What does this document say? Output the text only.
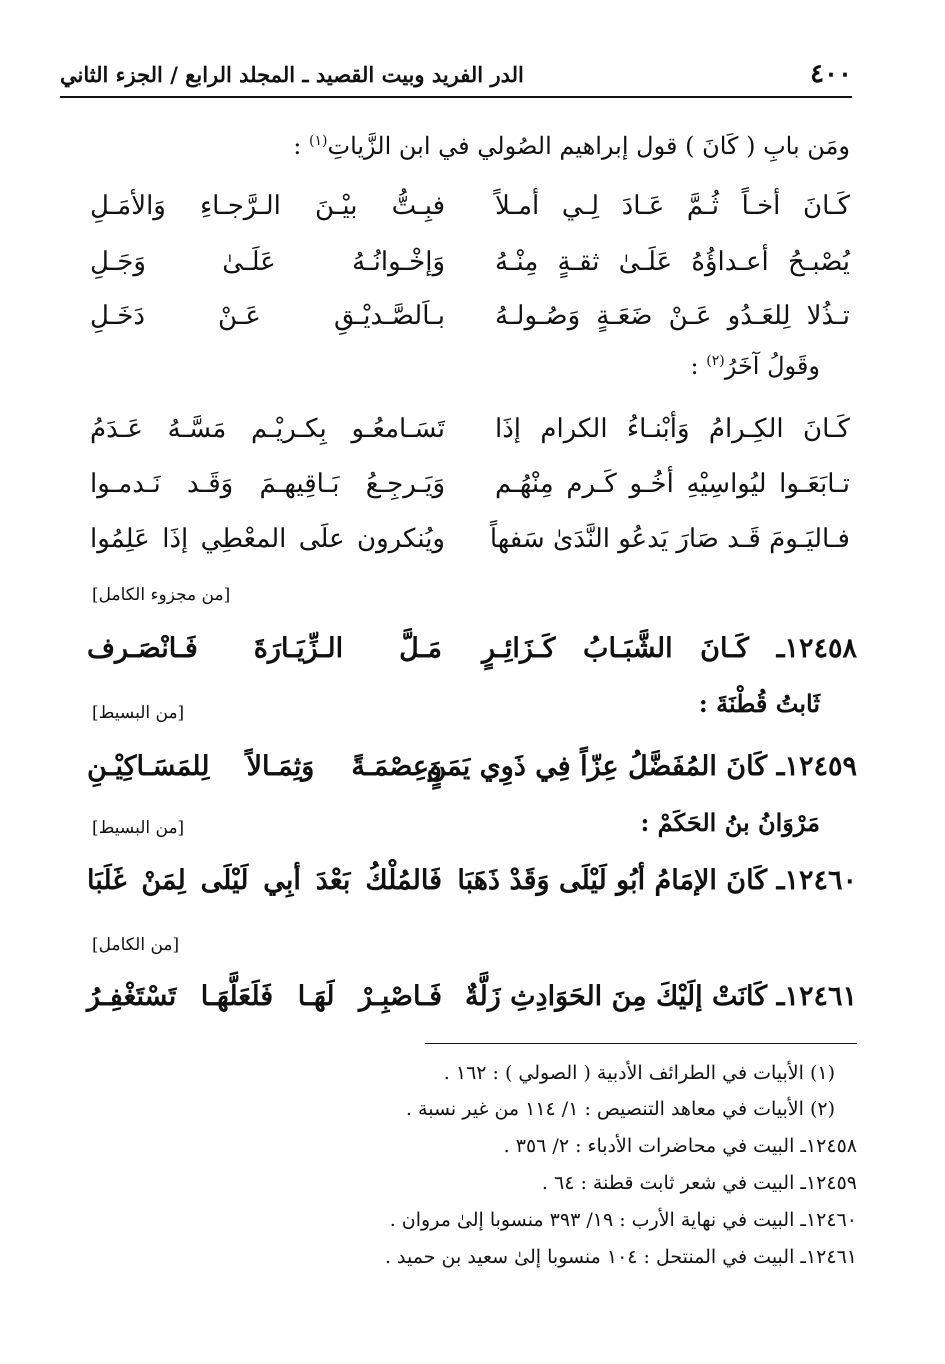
٤٠٠
الدر الفريد وبيت القصيد ـ المجلد الرابع / الجزء الثاني
ومَن بابِ ( كَانَ ) قول إبراهيم الصُولي في ابن الزَّياتِ$^{(١)}$ :
كَـانَ أخـاً ثُـمَّ عَـادَ لِـي أمـلاً
فبِـتُّ بيْـنَ الـرَّجـاءِ وَالأمَـلِ
يُصْبـحُ أعـداؤُهُ عَلَـىٰ ثقـةٍ مِنْـهُ
وَإخْـوانُـهُ عَلَـىٰ وَجَـلِ
تـذُلا لِلعَـدُو عَـنْ ضَعَـةٍ وَصُـولـهُ
بـاَلصَّـديْـقِ عَـنْ دَخَـلِ
وقَولُ آخَرُ$^{(٢)}$ :
كَـانَ الكِـرامُ وَأبْنـاءُ الكرام إذَا
تَسَـامعُـو بِكـريْـم مَسَّـهُ عَـدَمُ
تـابَعَـوا ليُواسِيْهِ أخُـو كَـرم مِنْهُـم
وَيَـرجِـعُ بَـاقِيهـمَ وَقَـد نَـدمـوا
فـاليَـومَ قَـد صَارَ يَدعُو النَّدَىٰ سَفهاً
ويُنكرون علَى المعْطِي إذَا عَلِمُوا
[من مجزوء الكامل]
١٢٤٥٨ـ كَـانَ الشَّبَـابُ كَـزَائِـرٍ
مَـلَّ الـزِّيَـارَةَ فَـانْصَـرف
ثَابتُ قُطْنَةَ :
[من البسيط]
١٢٤٥٩ـ كَانَ المُفَضَّلُ عِزّاً فِي ذَوِي يَمَنٍ
وَعِصْمَـةً وَثِمَـالاً لِلمَسَـاكِيْـنِ
مَرْوَانُ بنُ الحَكَمْ :
[من البسيط]
١٢٤٦٠ـ كَانَ الإمَامُ أبُو لَيْلَى وَقَدْ ذَهَبَا
فَالمُلْكُ بَعْدَ أبِي لَيْلَى لِمَنْ غَلَبَا
[من الكامل]
١٢٤٦١ـ كَانَتْ إلَيْكَ مِنَ الحَوَادِثِ زَلَّةٌ
فَـاصْبِـرْ لَهَـا فَلَعَلَّهَـا تَسْتَغْفِـرُ
(١) الأبيات في الطرائف الأدبية ( الصولي ) : ١٦٢ .
(٢) الأبيات في معاهد التنصيص : ١/ ١١٤ من غير نسبة .
١٢٤٥٨ـ البيت في محاضرات الأدباء : ٢/ ٣٥٦ .
١٢٤٥٩ـ البيت في شعر ثابت قطنة : ٦٤ .
١٢٤٦٠ـ البيت في نهاية الأرب : ١٩/ ٣٩٣ منسوبا إلىٰ مروان .
١٢٤٦١ـ البيت في المنتحل : ١٠٤ منسوبا إلىٰ سعيد بن حميد .
